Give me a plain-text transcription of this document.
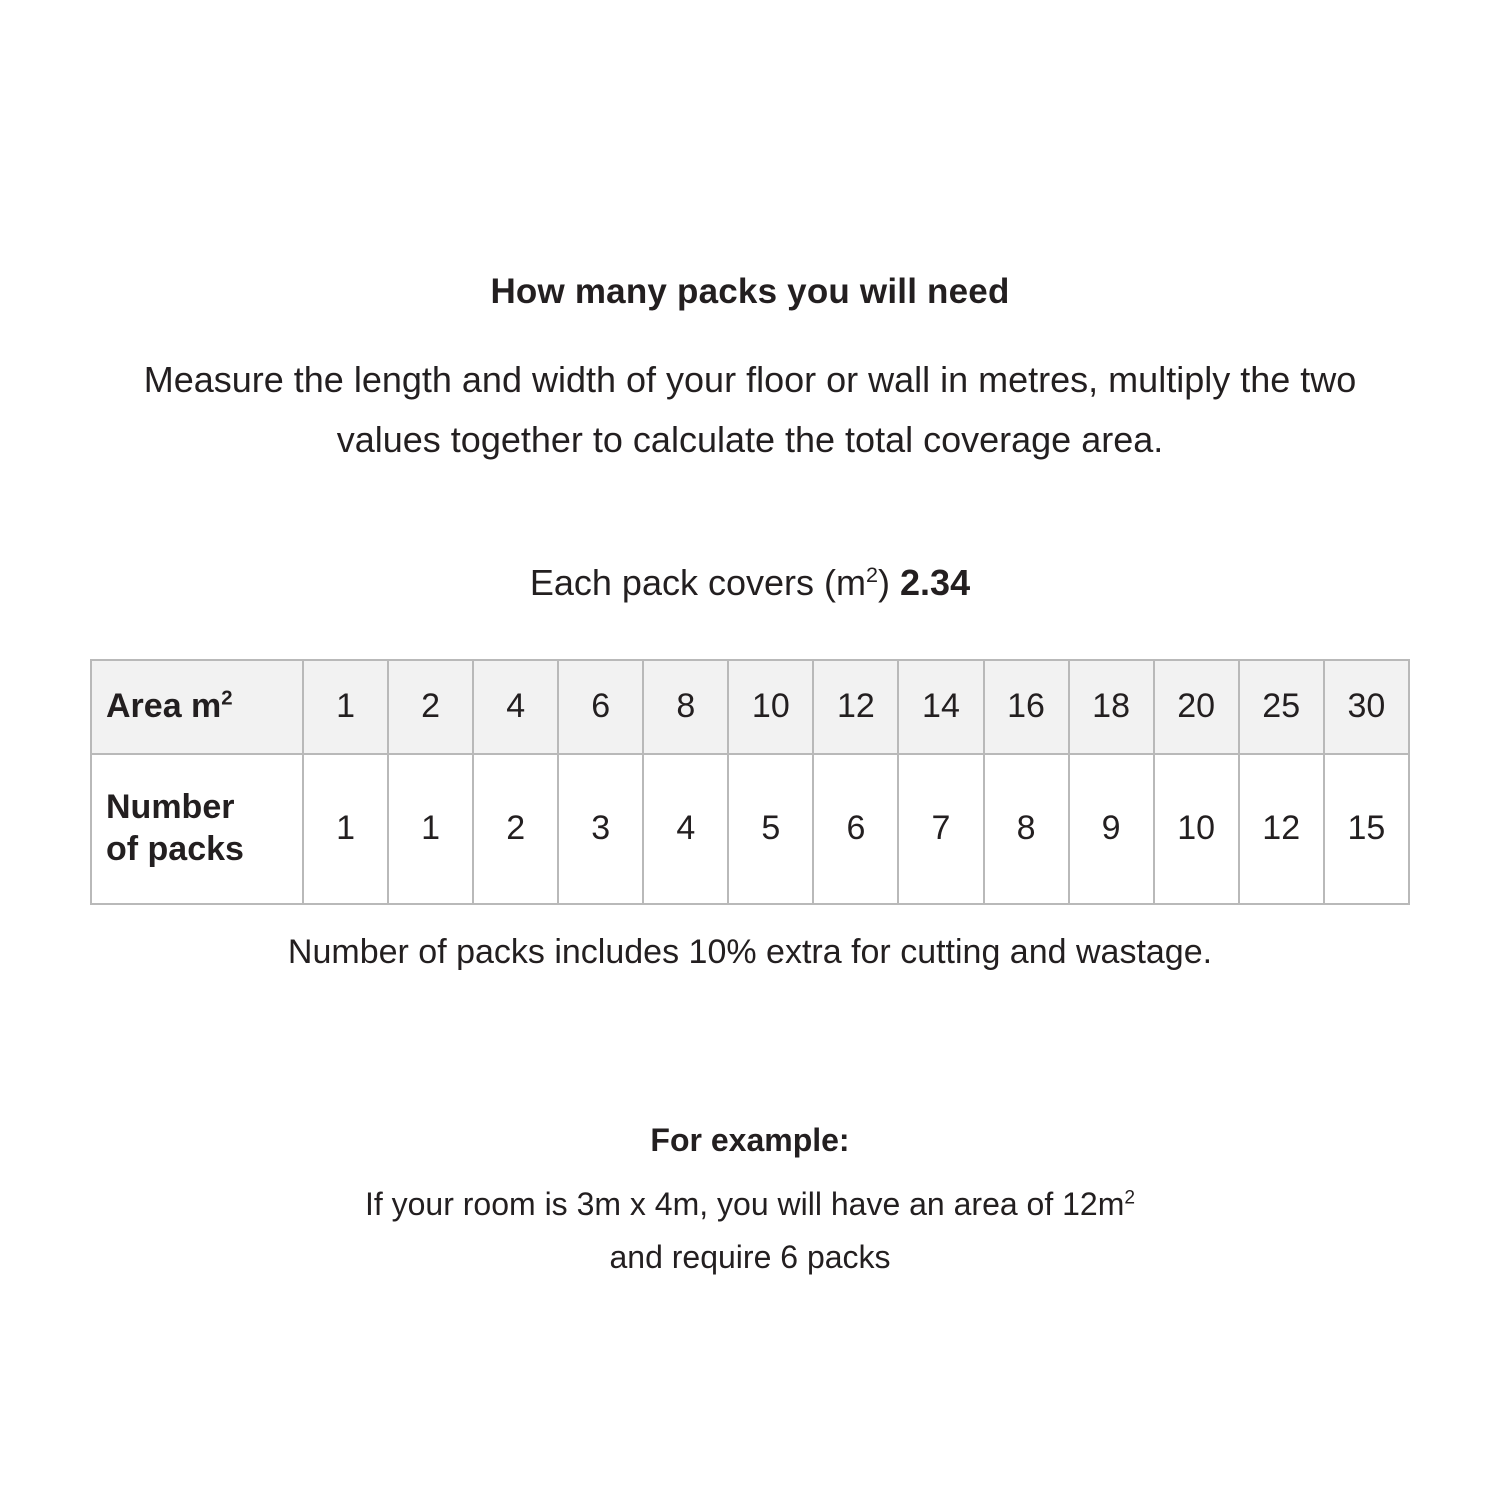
How many packs you will need

Measure the length and width of your floor or wall in metres, multiply the two values together to calculate the total coverage area.

Each pack covers $(m^2)$ 2.34

Area $m^2$	1	2	4	6	8	10	12	14	16	18	20	25	30

Number
of packs	1	1	2	3	4	5	6	7	8	9	10	12	15

Number of packs includes 10% extra for cutting and wastage.

For example:

If your room is 3m x 4m, you will have an area of $12m^2$

and require 6 packs
